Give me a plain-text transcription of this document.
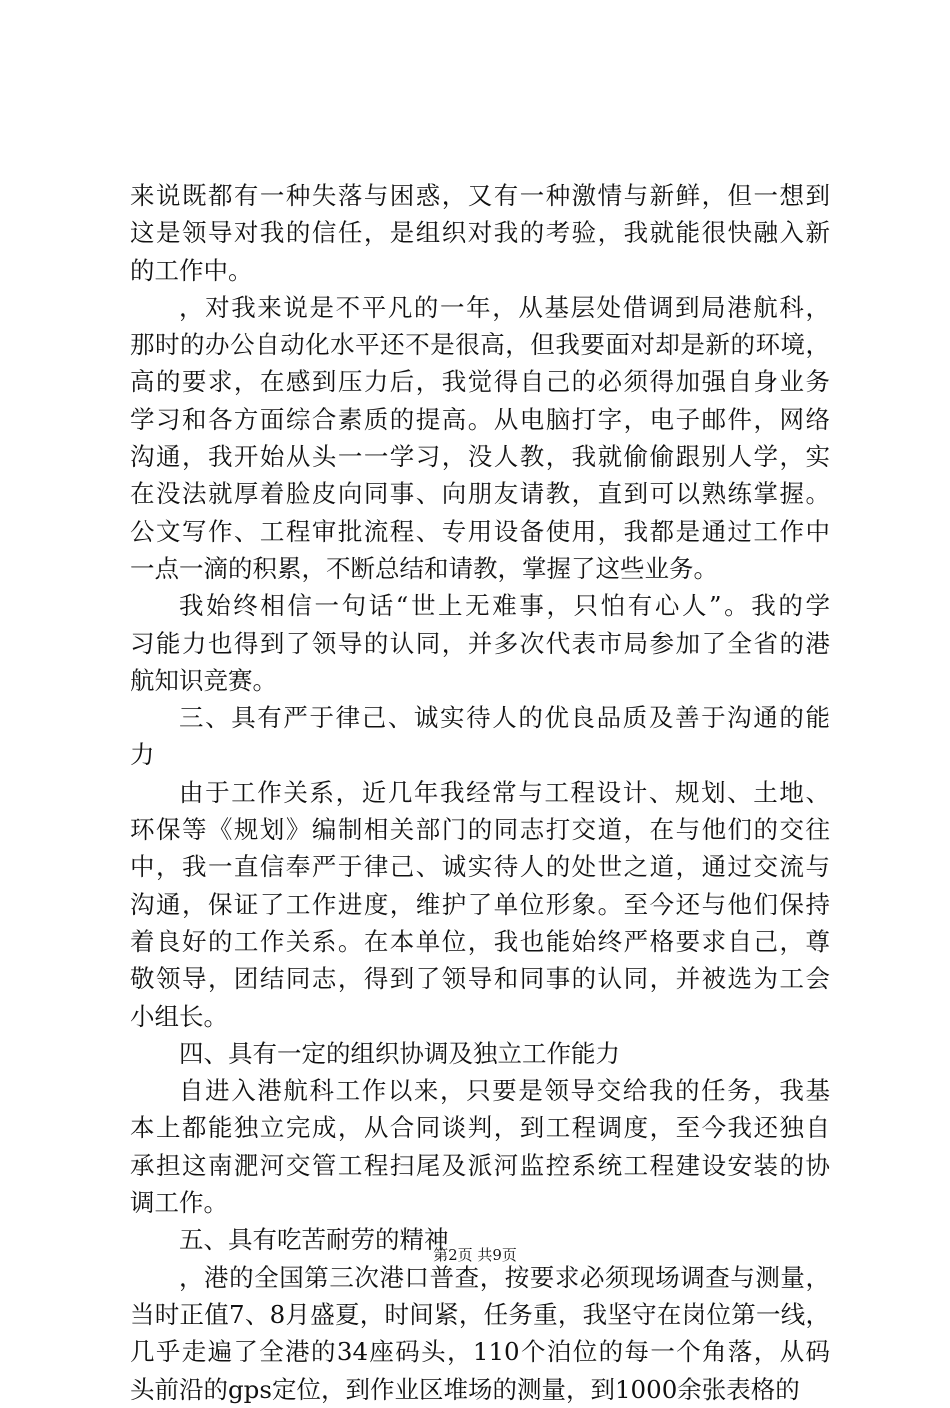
来说既都有一种失落与困惑，又有一种激情与新鲜，但一想到
这是领导对我的信任，是组织对我的考验，我就能很快融入新
的工作中。
，对我来说是不平凡的一年，从基层处借调到局港航科，
那时的办公自动化水平还不是很高，但我要面对却是新的环境，
高的要求，在感到压力后，我觉得自己的必须得加强自身业务
学习和各方面综合素质的提高。从电脑打字，电子邮件，网络
沟通，我开始从头一一学习，没人教，我就偷偷跟别人学，实
在没法就厚着脸皮向同事、向朋友请教，直到可以熟练掌握。
公文写作、工程审批流程、专用设备使用，我都是通过工作中
一点一滴的积累，不断总结和请教，掌握了这些业务。
我始终相信一句话“世上无难事，只怕有心人”。我的学
习能力也得到了领导的认同，并多次代表市局参加了全省的港
航知识竞赛。
三、具有严于律己、诚实待人的优良品质及善于沟通的能
力
由于工作关系，近几年我经常与工程设计、规划、土地、
环保等《规划》编制相关部门的同志打交道，在与他们的交往
中，我一直信奉严于律己、诚实待人的处世之道，通过交流与
沟通，保证了工作进度，维护了单位形象。至今还与他们保持
着良好的工作关系。在本单位，我也能始终严格要求自己，尊
敬领导，团结同志，得到了领导和同事的认同，并被选为工会
小组长。
四、具有一定的组织协调及独立工作能力
自进入港航科工作以来，只要是领导交给我的任务，我基
本上都能独立完成，从合同谈判，到工程调度，至今我还独自
承担这南淝河交管工程扫尾及派河监控系统工程建设安装的协
调工作。
五、具有吃苦耐劳的精神
，港的全国第三次港口普查，按要求必须现场调查与测量，
当时正值7、8月盛夏，时间紧，任务重，我坚守在岗位第一线，
几乎走遍了全港的34座码头，110个泊位的每一个角落，从码
头前沿的gps定位，到作业区堆场的测量，到1000余张表格的
第2页 共9页
